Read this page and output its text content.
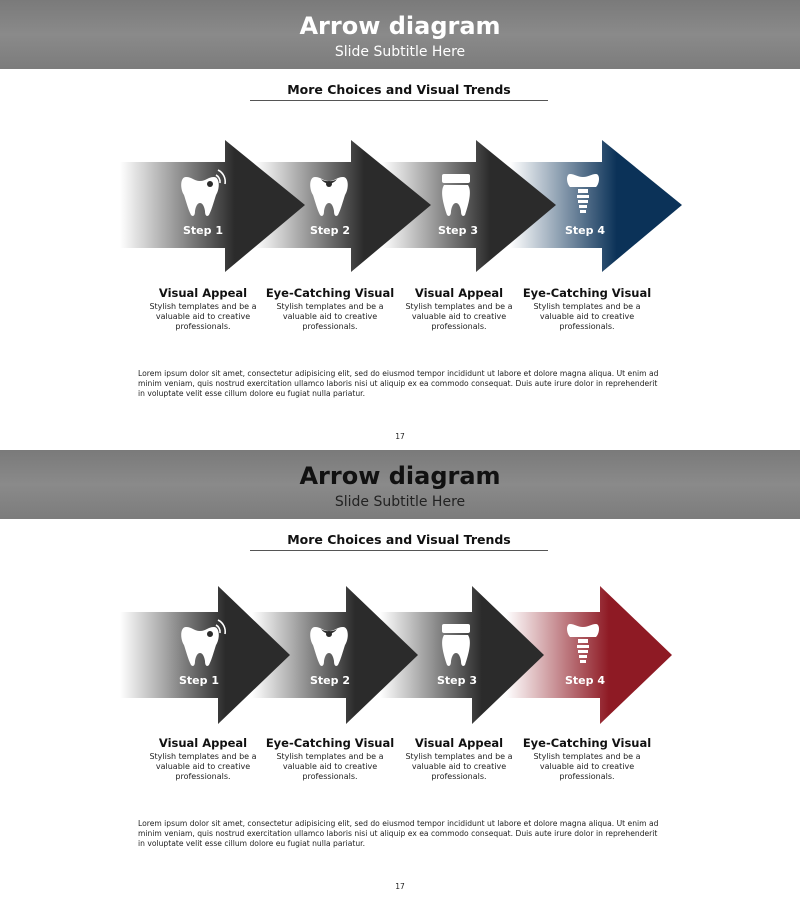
Arrow diagram
Slide Subtitle Here
More Choices and Visual Trends
Step 1	Step 2	Step 3	Step 4
Visual Appeal
Stylish templates and be a valuable aid to creative professionals.
Eye-Catching Visual
Stylish templates and be a valuable aid to creative professionals.
Visual Appeal
Stylish templates and be a valuable aid to creative professionals.
Eye-Catching Visual
Stylish templates and be a valuable aid to creative professionals.
Lorem ipsum dolor sit amet, consectetur adipisicing elit, sed do eiusmod tempor incididunt ut labore et dolore magna aliqua. Ut enim ad minim veniam, quis nostrud exercitation ullamco laboris nisi ut aliquip ex ea commodo consequat. Duis aute irure dolor in reprehenderit in voluptate velit esse cillum dolore eu fugiat nulla pariatur.
17
Arrow diagram
Slide Subtitle Here
More Choices and Visual Trends
Step 1	Step 2	Step 3	Step 4
Visual Appeal
Stylish templates and be a valuable aid to creative professionals.
Eye-Catching Visual
Stylish templates and be a valuable aid to creative professionals.
Visual Appeal
Stylish templates and be a valuable aid to creative professionals.
Eye-Catching Visual
Stylish templates and be a valuable aid to creative professionals.
Lorem ipsum dolor sit amet, consectetur adipisicing elit, sed do eiusmod tempor incididunt ut labore et dolore magna aliqua. Ut enim ad minim veniam, quis nostrud exercitation ullamco laboris nisi ut aliquip ex ea commodo consequat. Duis aute irure dolor in reprehenderit in voluptate velit esse cillum dolore eu fugiat nulla pariatur.
17
